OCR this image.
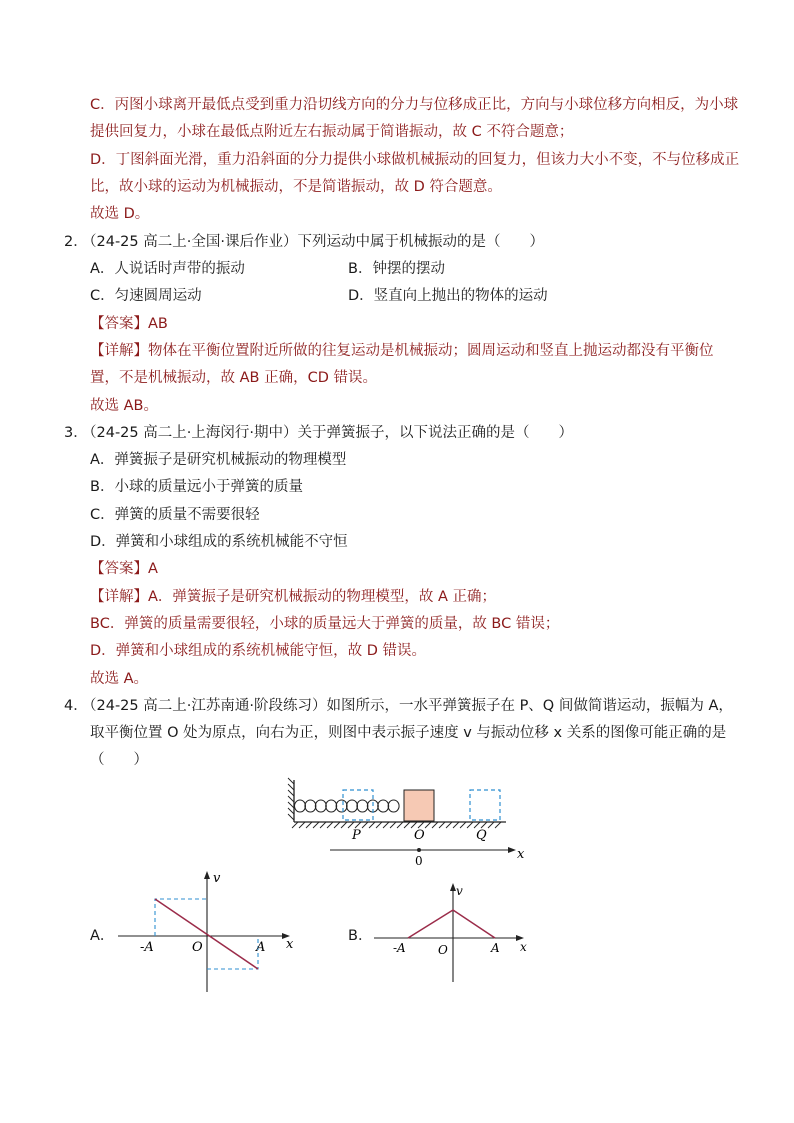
C．丙图小球离开最低点受到重力沿切线方向的分力与位移成正比，方向与小球位移方向相反，为小球
提供回复力，小球在最低点附近左右振动属于简谐振动，故 C 不符合题意；
D．丁图斜面光滑，重力沿斜面的分力提供小球做机械振动的回复力，但该力大小不变，不与位移成正
比，故小球的运动为机械振动，不是简谐振动，故 D 符合题意。
故选 D。
2．
（24-25 高二上·全国·课后作业）下列运动中属于机械振动的是（　　）
A．人说话时声带的振动	B．钟摆的摆动
C．匀速圆周运动	D．竖直向上抛出的物体的运动
【答案】AB
【详解】物体在平衡位置附近所做的往复运动是机械振动；圆周运动和竖直上抛运动都没有平衡位
置，不是机械振动，故 AB 正确，CD 错误。
故选 AB。
3．
（24-25 高二上·上海闵行·期中）关于弹簧振子，以下说法正确的是（　　）
A．弹簧振子是研究机械振动的物理模型
B．小球的质量远小于弹簧的质量
C．弹簧的质量不需要很轻
D．弹簧和小球组成的系统机械能不守恒
【答案】A
【详解】A．弹簧振子是研究机械振动的物理模型，故 A 正确；
BC．弹簧的质量需要很轻，小球的质量远大于弹簧的质量，故 BC 错误；
D．弹簧和小球组成的系统机械能守恒，故 D 错误。
故选 A。
4．
（24-25 高二上·江苏南通·阶段练习）如图所示，一水平弹簧振子在 P、Q 间做简谐运动，振幅为 A，
取平衡位置 O 处为原点，向右为正，则图中表示振子速度 v 与振动位移 x 关系的图像可能正确的是
（　　）
P	O	Q
0	x
A．
v
x
-A	O	A
B．
v
x
-A	O	A
